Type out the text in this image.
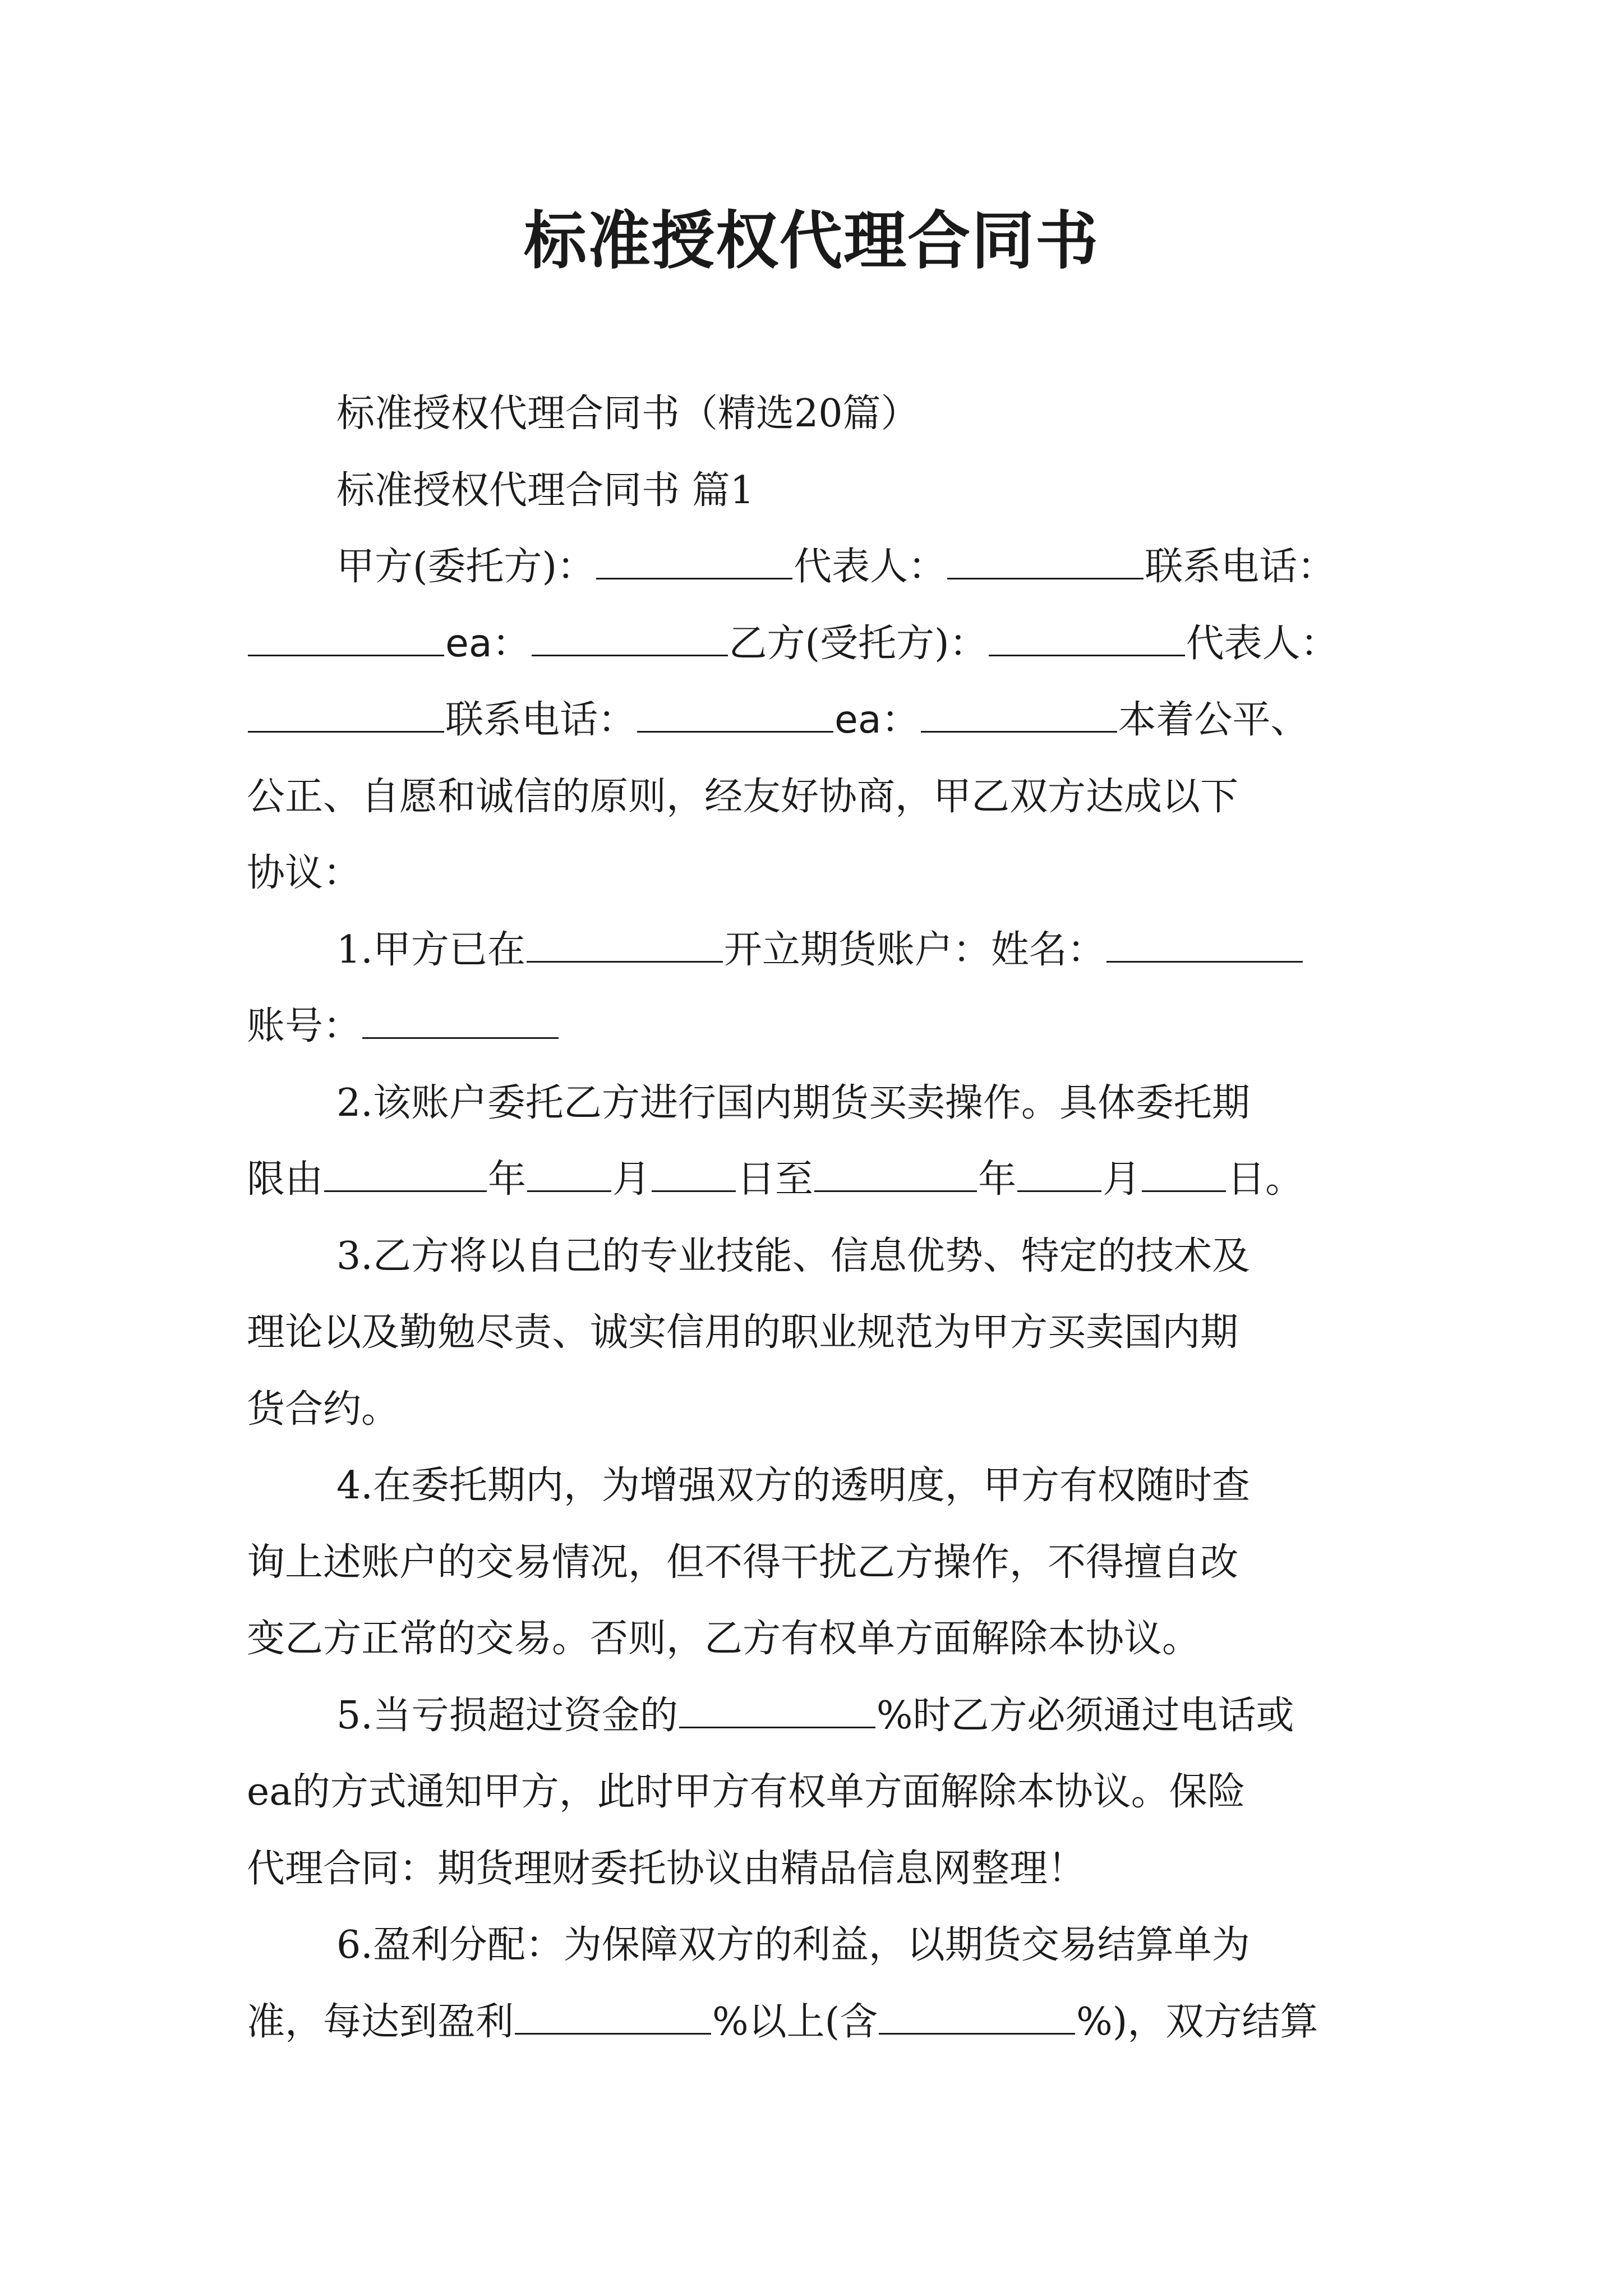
标准授权代理合同书
标准授权代理合同书（精选20篇）
标准授权代理合同书 篇1
甲方(委托方)：	代表人：	联系电话：
ea：	乙方(受托方)：	代表人：
联系电话：	ea：	本着公平、
公正、自愿和诚信的原则，经友好协商，甲乙双方达成以下
协议：
1.甲方已在	开立期货账户：姓名：
账号：
2.该账户委托乙方进行国内期货买卖操作。具体委托期
限由	年 月 日至	年 月 日。
3.乙方将以自己的专业技能、信息优势、特定的技术及
理论以及勤勉尽责、诚实信用的职业规范为甲方买卖国内期
货合约。
4.在委托期内，为增强双方的透明度，甲方有权随时查
询上述账户的交易情况，但不得干扰乙方操作，不得擅自改
变乙方正常的交易。否则，乙方有权单方面解除本协议。
5.当亏损超过资金的	%时乙方必须通过电话或
ea的方式通知甲方，此时甲方有权单方面解除本协议。保险
代理合同：期货理财委托协议由精品信息网整理！
6.盈利分配：为保障双方的利益，以期货交易结算单为
准，每达到盈利	%以上(含	%)，双方结算
